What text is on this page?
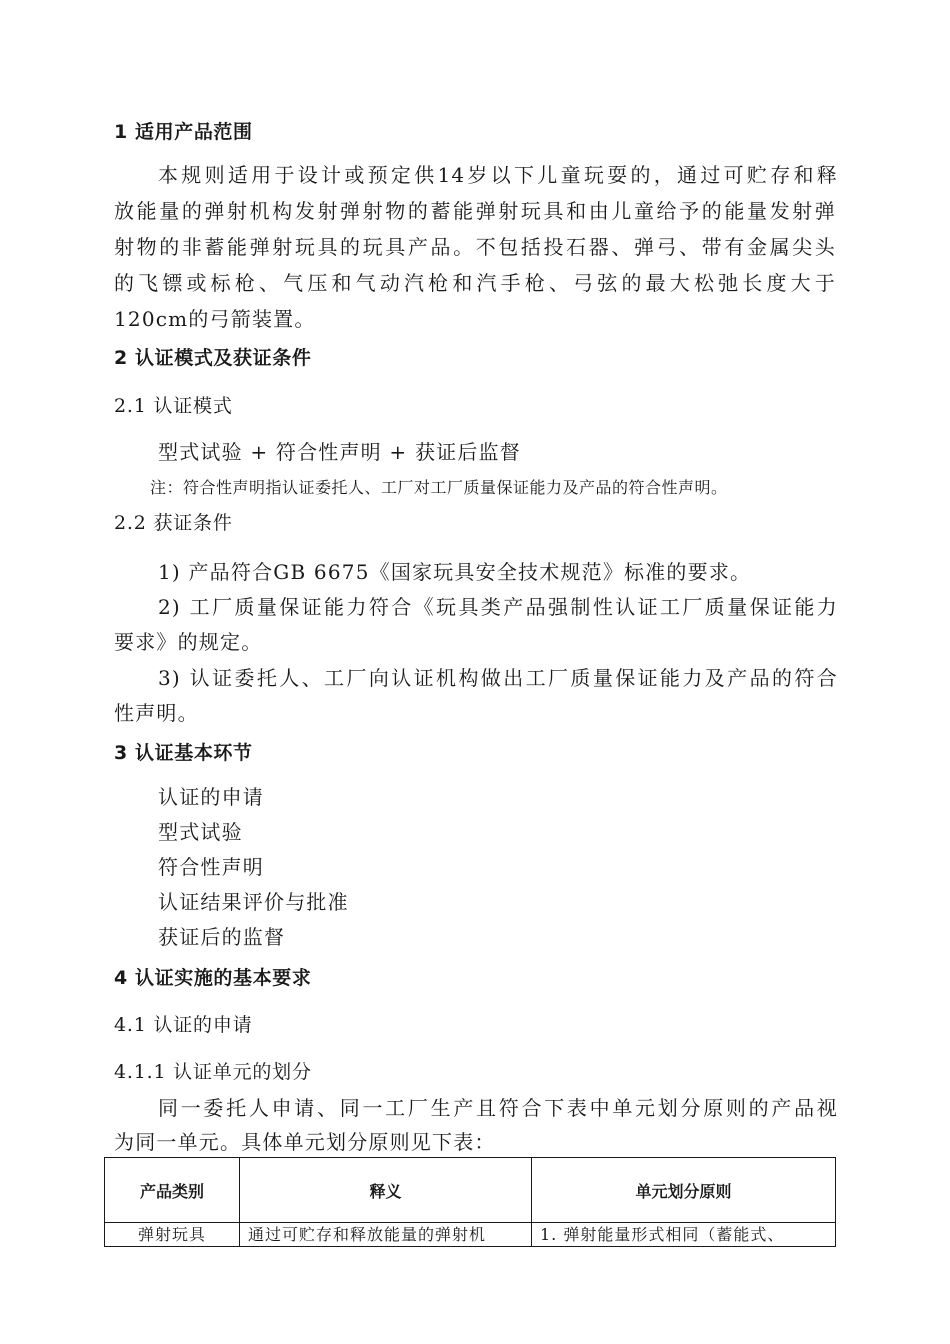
1 适用产品范围
本规则适用于设计或预定供14岁以下儿童玩耍的，通过可贮存和释
放能量的弹射机构发射弹射物的蓄能弹射玩具和由儿童给予的能量发射弹
射物的非蓄能弹射玩具的玩具产品。不包括投石器、弹弓、带有金属尖头
的飞镖或标枪、气压和气动汽枪和汽手枪、弓弦的最大松弛长度大于
120cm的弓箭装置。
2 认证模式及获证条件
2.1 认证模式
型式试验 + 符合性声明 + 获证后监督
注：符合性声明指认证委托人、工厂对工厂质量保证能力及产品的符合性声明。
2.2 获证条件
1) 产品符合GB 6675《国家玩具安全技术规范》标准的要求。
2) 工厂质量保证能力符合《玩具类产品强制性认证工厂质量保证能力
要求》的规定。
3) 认证委托人、工厂向认证机构做出工厂质量保证能力及产品的符合
性声明。
3 认证基本环节
认证的申请
型式试验
符合性声明
认证结果评价与批准
获证后的监督
4 认证实施的基本要求
4.1 认证的申请
4.1.1 认证单元的划分
同一委托人申请、同一工厂生产且符合下表中单元划分原则的产品视
为同一单元。具体单元划分原则见下表：
产品类别	释义	单元划分原则
弹射玩具	通过可贮存和释放能量的弹射机	1. 弹射能量形式相同（蓄能式、
